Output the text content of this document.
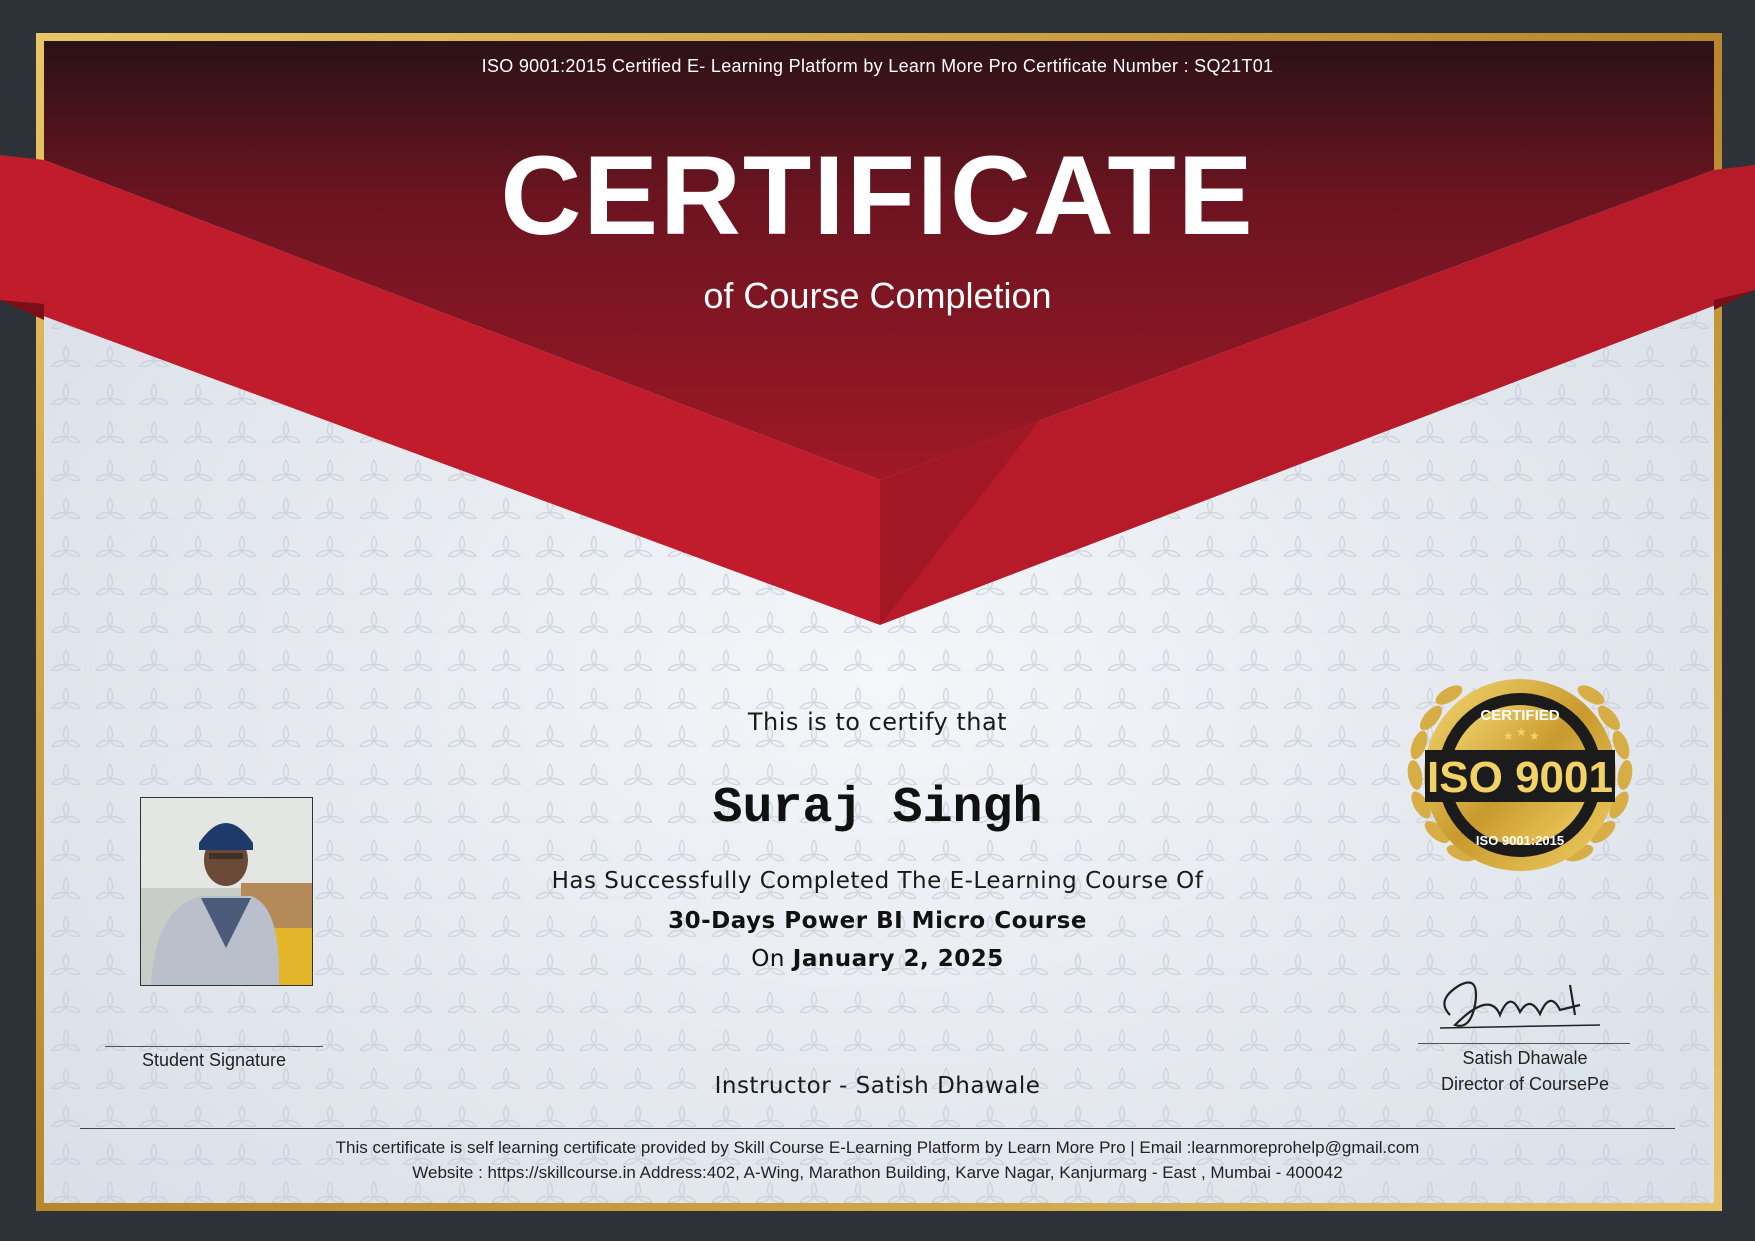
ISO 9001:2015 Certified E- Learning Platform by Learn More Pro Certificate Number : SQ21T01

CERTIFICATE

of Course Completion

This is to certify that

Suraj Singh

Has Successfully Completed The E-Learning Course Of

30-Days Power BI Micro Course

On January 2, 2025

Instructor - Satish Dhawale

Student Signature
ISO 9001
CERTIFIED
ISO 9001:2015
★ ★ ★
Satish Dhawale
Director of CoursePe

This certificate is self learning certificate provided by Skill Course E-Learning Platform by Learn More Pro | Email :learnmoreprohelp@gmail.com

Website : https://skillcourse.in Address:402, A-Wing, Marathon Building, Karve Nagar, Kanjurmarg - East , Mumbai - 400042
